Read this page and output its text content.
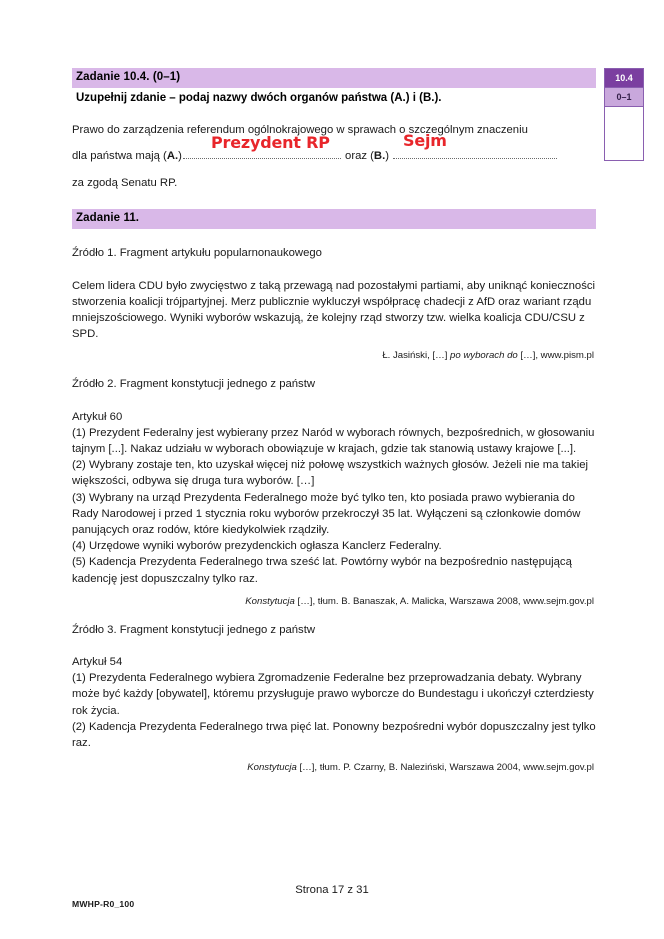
10.4
0–1
Zadanie 10.4. (0–1)
Uzupełnij zdanie – podaj nazwy dwóch organów państwa (A.) i (B.).
Prawo do zarządzenia referendum ogólnokrajowego w sprawach o szczególnym znaczeniu
dla państwa mają (A.)	oraz (B.)
Prezydent RP	Sejm
za zgodą Senatu RP.
Zadanie 11.
Źródło 1. Fragment artykułu popularnonaukowego
Celem lidera CDU było zwycięstwo z taką przewagą nad pozostałymi partiami, aby uniknąć konieczności stworzenia koalicji trójpartyjnej. Merz publicznie wykluczył współpracę chadecji z AfD oraz wariant rządu mniejszościowego. Wyniki wyborów wskazują, że kolejny rząd stworzy tzw. wielka koalicja CDU/CSU z SPD.
Ł. Jasiński, […] po wyborach do […], www.pism.pl
Źródło 2. Fragment konstytucji jednego z państw
Artykuł 60
(1) Prezydent Federalny jest wybierany przez Naród w wyborach równych, bezpośrednich, w głosowaniu tajnym [...]. Nakaz udziału w wyborach obowiązuje w krajach, gdzie tak stanowią ustawy krajowe [...].
(2) Wybrany zostaje ten, kto uzyskał więcej niż połowę wszystkich ważnych głosów. Jeżeli nie ma takiej większości, odbywa się druga tura wyborów. […]
(3) Wybrany na urząd Prezydenta Federalnego może być tylko ten, kto posiada prawo wybierania do Rady Narodowej i przed 1 stycznia roku wyborów przekroczył 35 lat. Wyłączeni są członkowie domów panujących oraz rodów, które kiedykolwiek rządziły.
(4) Urzędowe wyniki wyborów prezydenckich ogłasza Kanclerz Federalny.
(5) Kadencja Prezydenta Federalnego trwa sześć lat. Powtórny wybór na bezpośrednio następującą kadencję jest dopuszczalny tylko raz.
Konstytucja […], tłum. B. Banaszak, A. Malicka, Warszawa 2008, www.sejm.gov.pl
Źródło 3. Fragment konstytucji jednego z państw
Artykuł 54
(1) Prezydenta Federalnego wybiera Zgromadzenie Federalne bez przeprowadzania debaty. Wybrany może być każdy [obywatel], któremu przysługuje prawo wyborcze do Bundestagu i ukończył czterdziesty rok życia.
(2) Kadencja Prezydenta Federalnego trwa pięć lat. Ponowny bezpośredni wybór dopuszczalny jest tylko raz.
Konstytucja […], tłum. P. Czarny, B. Naleziński, Warszawa 2004, www.sejm.gov.pl
Strona 17 z 31
MWHP-R0_100
